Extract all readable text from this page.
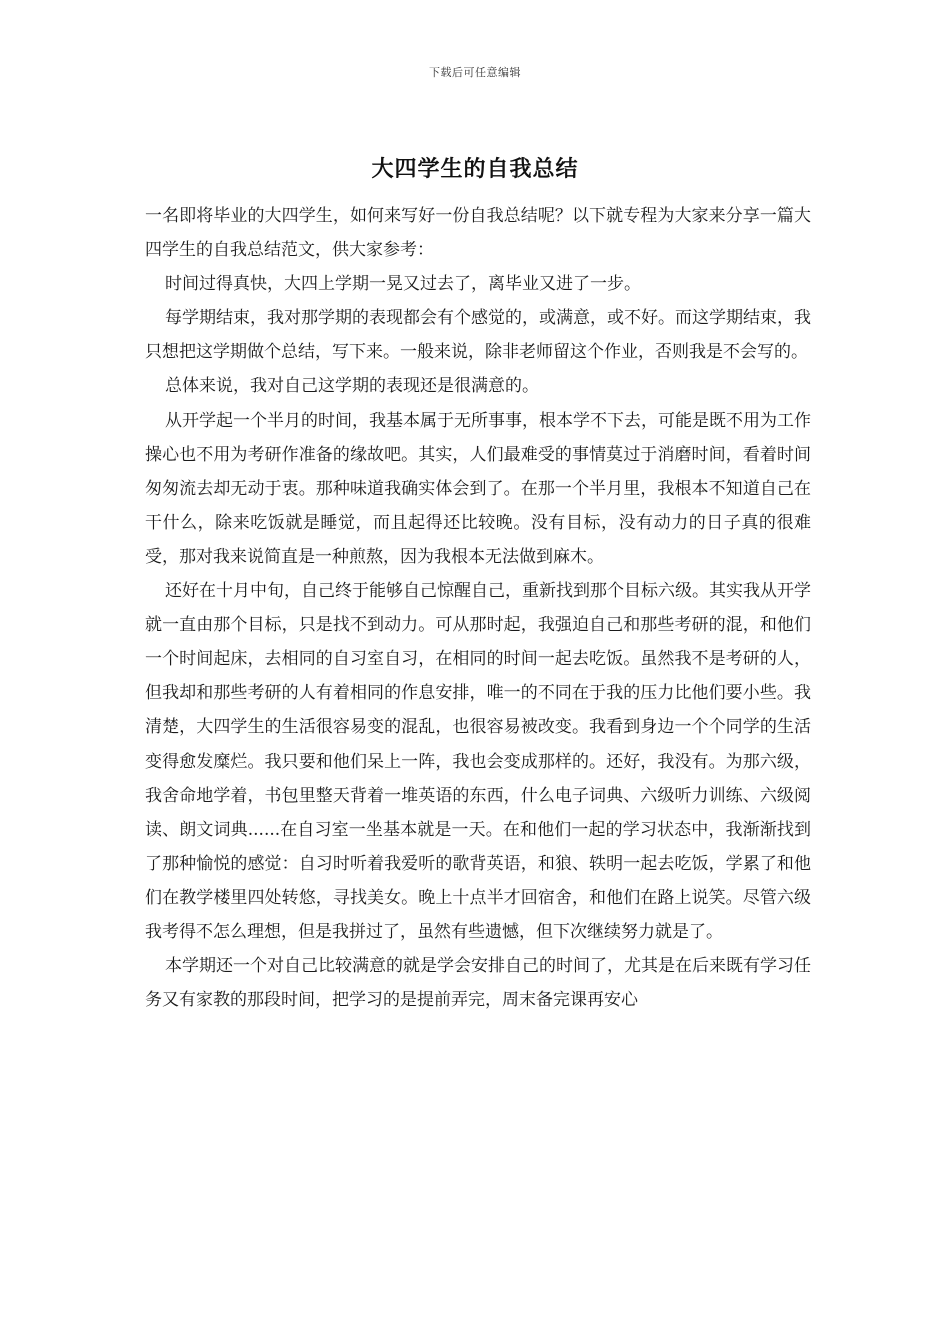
下载后可任意编辑
大四学生的自我总结

一名即将毕业的大四学生，如何来写好一份自我总结呢？以下就专程为大家来分享一篇大四学生的自我总结范文，供大家参考：

时间过得真快，大四上学期一晃又过去了，离毕业又进了一步。

每学期结束，我对那学期的表现都会有个感觉的，或满意，或不好。而这学期结束，我只想把这学期做个总结，写下来。一般来说，除非老师留这个作业，否则我是不会写的。

总体来说，我对自己这学期的表现还是很满意的。

从开学起一个半月的时间，我基本属于无所事事，根本学不下去，可能是既不用为工作操心也不用为考研作准备的缘故吧。其实，人们最难受的事情莫过于消磨时间，看着时间匆匆流去却无动于衷。那种味道我确实体会到了。在那一个半月里，我根本不知道自己在干什么，除来吃饭就是睡觉，而且起得还比较晚。没有目标，没有动力的日子真的很难受，那对我来说简直是一种煎熬，因为我根本无法做到麻木。

还好在十月中旬，自己终于能够自己惊醒自己，重新找到那个目标六级。其实我从开学就一直由那个目标，只是找不到动力。可从那时起，我强迫自己和那些考研的混，和他们一个时间起床，去相同的自习室自习，在相同的时间一起去吃饭。虽然我不是考研的人，但我却和那些考研的人有着相同的作息安排，唯一的不同在于我的压力比他们要小些。我清楚，大四学生的生活很容易变的混乱，也很容易被改变。我看到身边一个个同学的生活变得愈发糜烂。我只要和他们呆上一阵，我也会变成那样的。还好，我没有。为那六级，我舍命地学着，书包里整天背着一堆英语的东西，什么电子词典、六级听力训练、六级阅读、朗文词典......在自习室一坐基本就是一天。在和他们一起的学习状态中，我渐渐找到了那种愉悦的感觉：自习时听着我爱听的歌背英语，和狼、轶明一起去吃饭，学累了和他们在教学楼里四处转悠，寻找美女。晚上十点半才回宿舍，和他们在路上说笑。尽管六级我考得不怎么理想，但是我拼过了，虽然有些遗憾，但下次继续努力就是了。

本学期还一个对自己比较满意的就是学会安排自己的时间了，尤其是在后来既有学习任务又有家教的那段时间，把学习的是提前弄完，周末备完课再安心
